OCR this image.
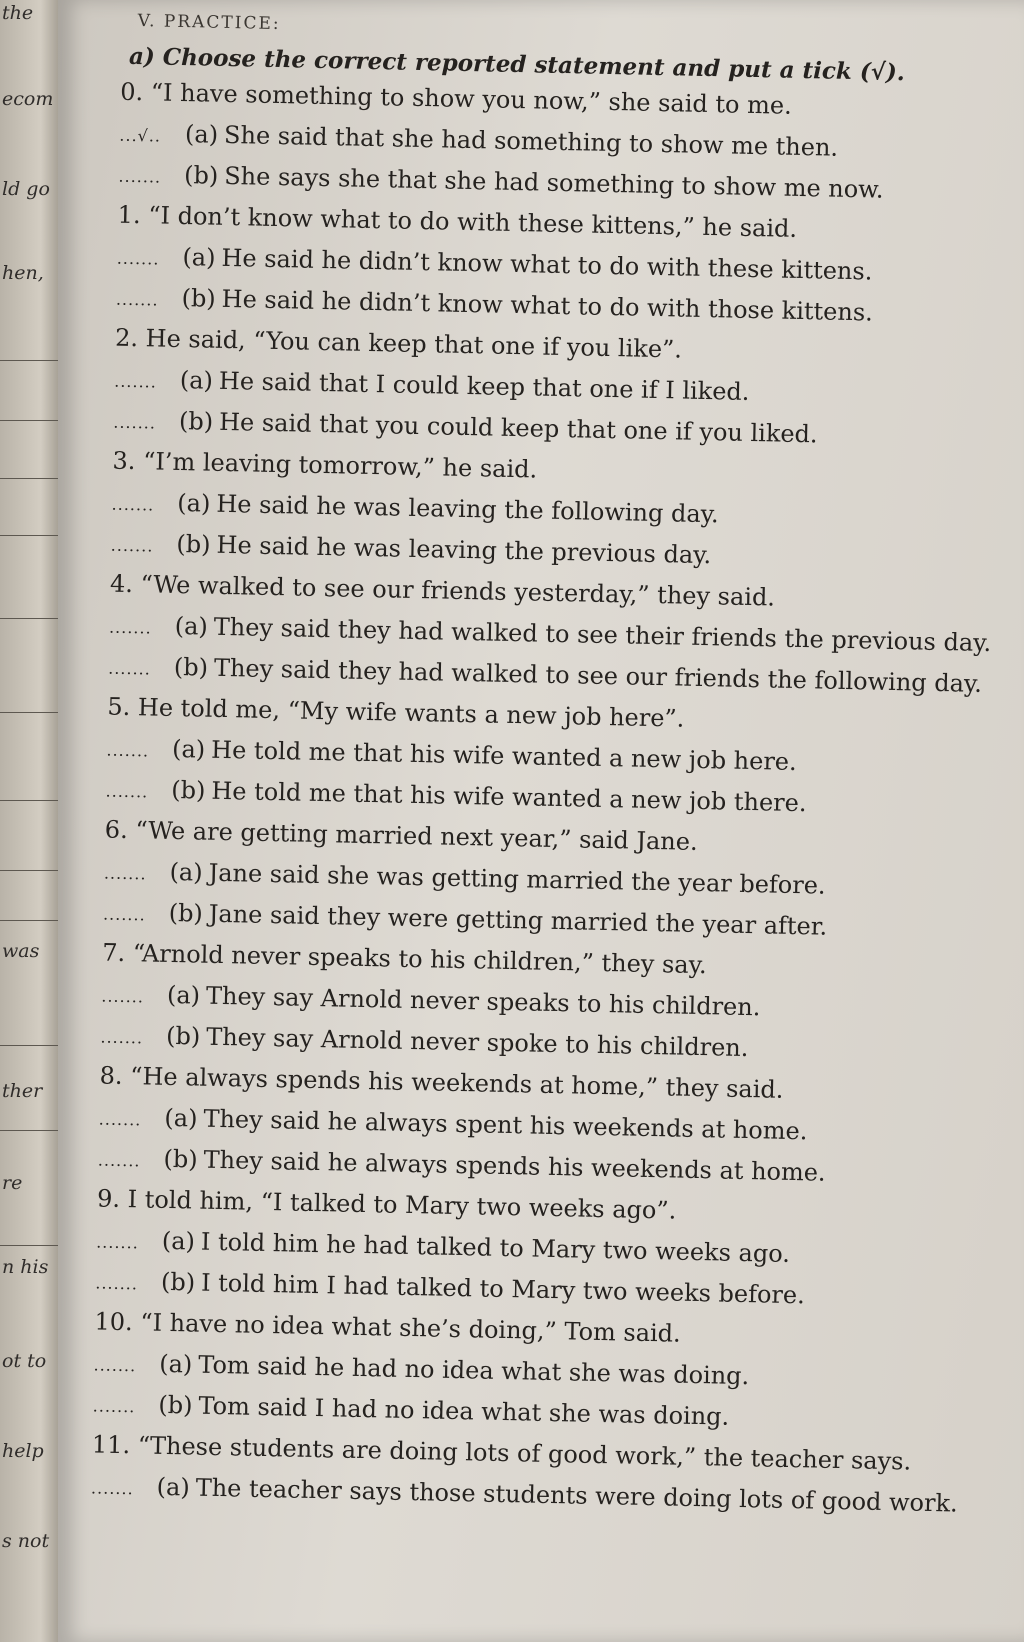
the
ecom
ld go
hen,
was
ther
re
n his
ot to
help
s not
V. PRACTICE:
a) Choose the correct reported statement and put a tick (√).
0. “I have something to show you now,” she said to me.
...√.. (a) She said that she had something to show me then.
....... (b) She says she that she had something to show me now.
1. “I don’t know what to do with these kittens,” he said.
....... (a) He said he didn’t know what to do with these kittens.
....... (b) He said he didn’t know what to do with those kittens.
2. He said, “You can keep that one if you like”.
....... (a) He said that I could keep that one if I liked.
....... (b) He said that you could keep that one if you liked.
3. “I’m leaving tomorrow,” he said.
....... (a) He said he was leaving the following day.
....... (b) He said he was leaving the previous day.
4. “We walked to see our friends yesterday,” they said.
....... (a) They said they had walked to see their friends the previous day.
....... (b) They said they had walked to see our friends the following day.
5. He told me, “My wife wants a new job here”.
....... (a) He told me that his wife wanted a new job here.
....... (b) He told me that his wife wanted a new job there.
6. “We are getting married next year,” said Jane.
....... (a) Jane said she was getting married the year before.
....... (b) Jane said they were getting married the year after.
7. “Arnold never speaks to his children,” they say.
....... (a) They say Arnold never speaks to his children.
....... (b) They say Arnold never spoke to his children.
8. “He always spends his weekends at home,” they said.
....... (a) They said he always spent his weekends at home.
....... (b) They said he always spends his weekends at home.
9. I told him, “I talked to Mary two weeks ago”.
....... (a) I told him he had talked to Mary two weeks ago.
....... (b) I told him I had talked to Mary two weeks before.
10. “I have no idea what she’s doing,” Tom said.
....... (a) Tom said he had no idea what she was doing.
....... (b) Tom said I had no idea what she was doing.
11. “These students are doing lots of good work,” the teacher says.
....... (a) The teacher says those students were doing lots of good work.
